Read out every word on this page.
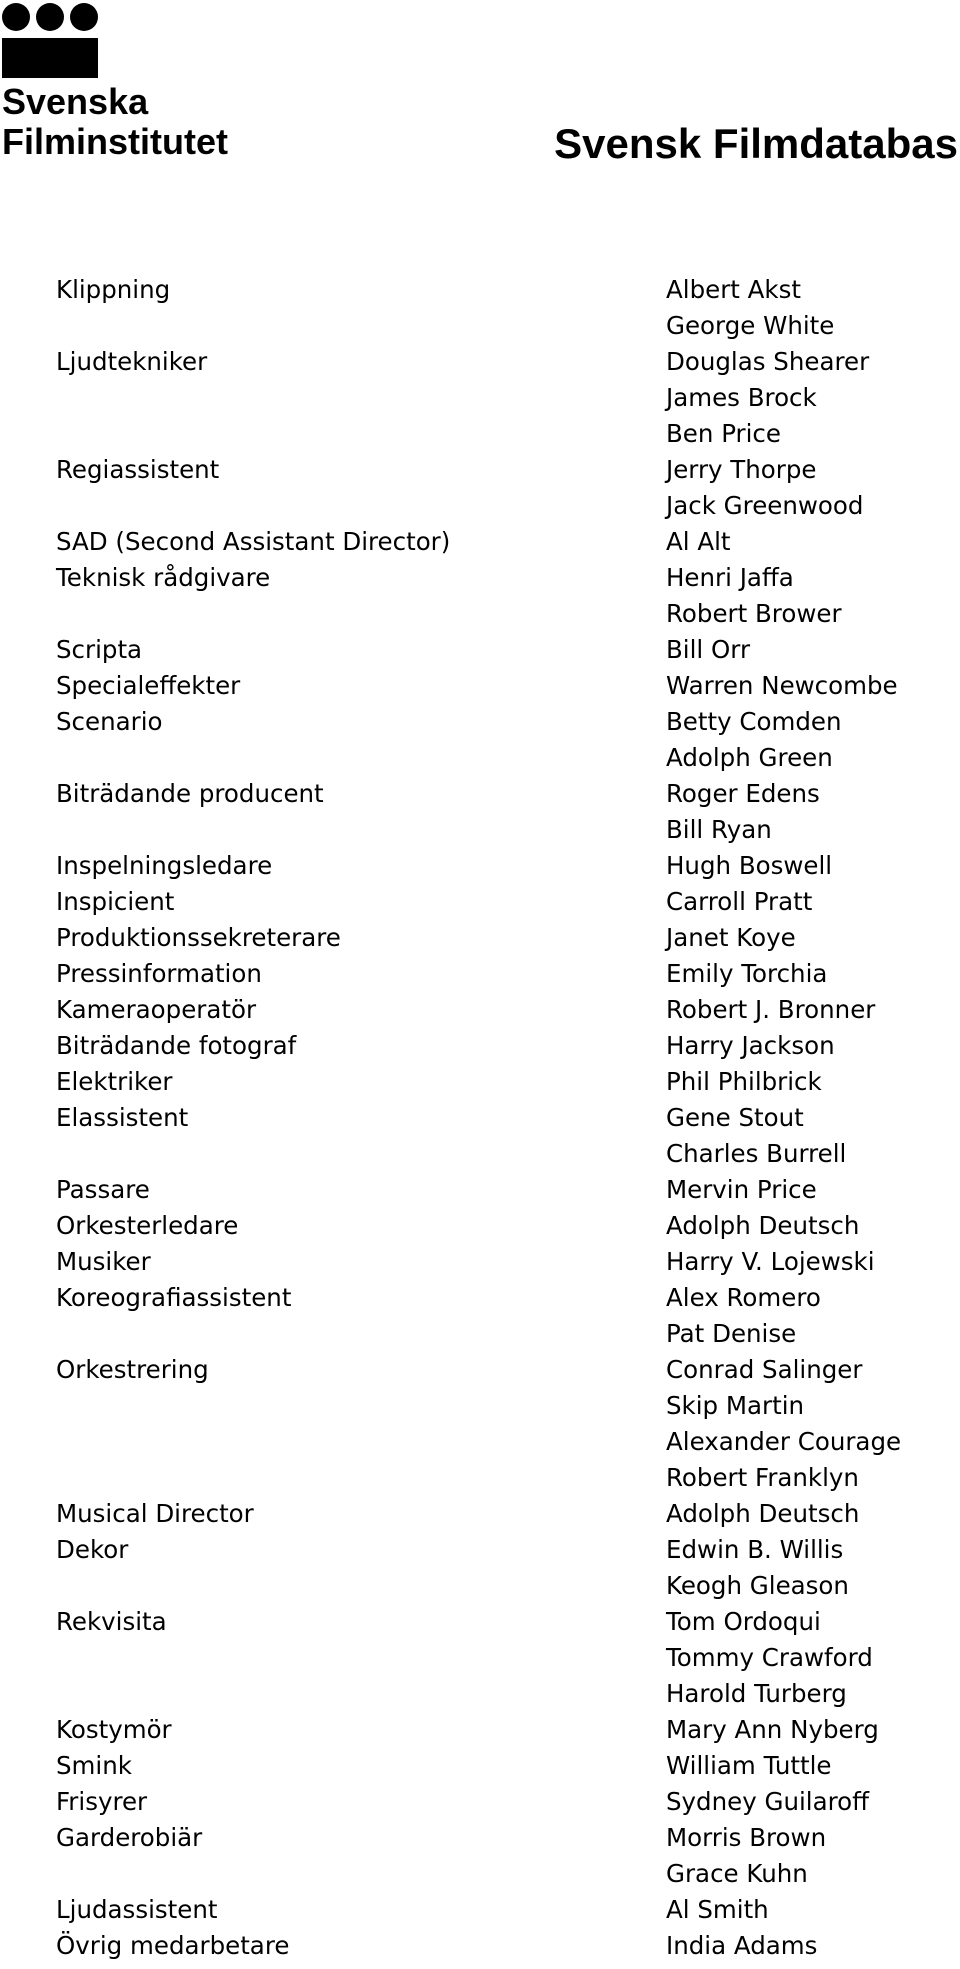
Svenska
Filminstitutet	Svensk Filmdatabas
Klippning	Albert Akst
George White
Ljudtekniker	Douglas Shearer
James Brock
Ben Price
Regiassistent	Jerry Thorpe
Jack Greenwood
SAD (Second Assistant Director)	Al Alt
Teknisk rådgivare	Henri Jaffa
Robert Brower
Scripta	Bill Orr
Specialeffekter	Warren Newcombe
Scenario	Betty Comden
Adolph Green
Biträdande producent	Roger Edens
Bill Ryan
Inspelningsledare	Hugh Boswell
Inspicient	Carroll Pratt
Produktionssekreterare	Janet Koye
Pressinformation	Emily Torchia
Kameraoperatör	Robert J. Bronner
Biträdande fotograf	Harry Jackson
Elektriker	Phil Philbrick
Elassistent	Gene Stout
Charles Burrell
Passare	Mervin Price
Orkesterledare	Adolph Deutsch
Musiker	Harry V. Lojewski
Koreografiassistent	Alex Romero
Pat Denise
Orkestrering	Conrad Salinger
Skip Martin
Alexander Courage
Robert Franklyn
Musical Director	Adolph Deutsch
Dekor	Edwin B. Willis
Keogh Gleason
Rekvisita	Tom Ordoqui
Tommy Crawford
Harold Turberg
Kostymör	Mary Ann Nyberg
Smink	William Tuttle
Frisyrer	Sydney Guilaroff
Garderobiär	Morris Brown
Grace Kuhn
Ljudassistent	Al Smith
Övrig medarbetare	India Adams
